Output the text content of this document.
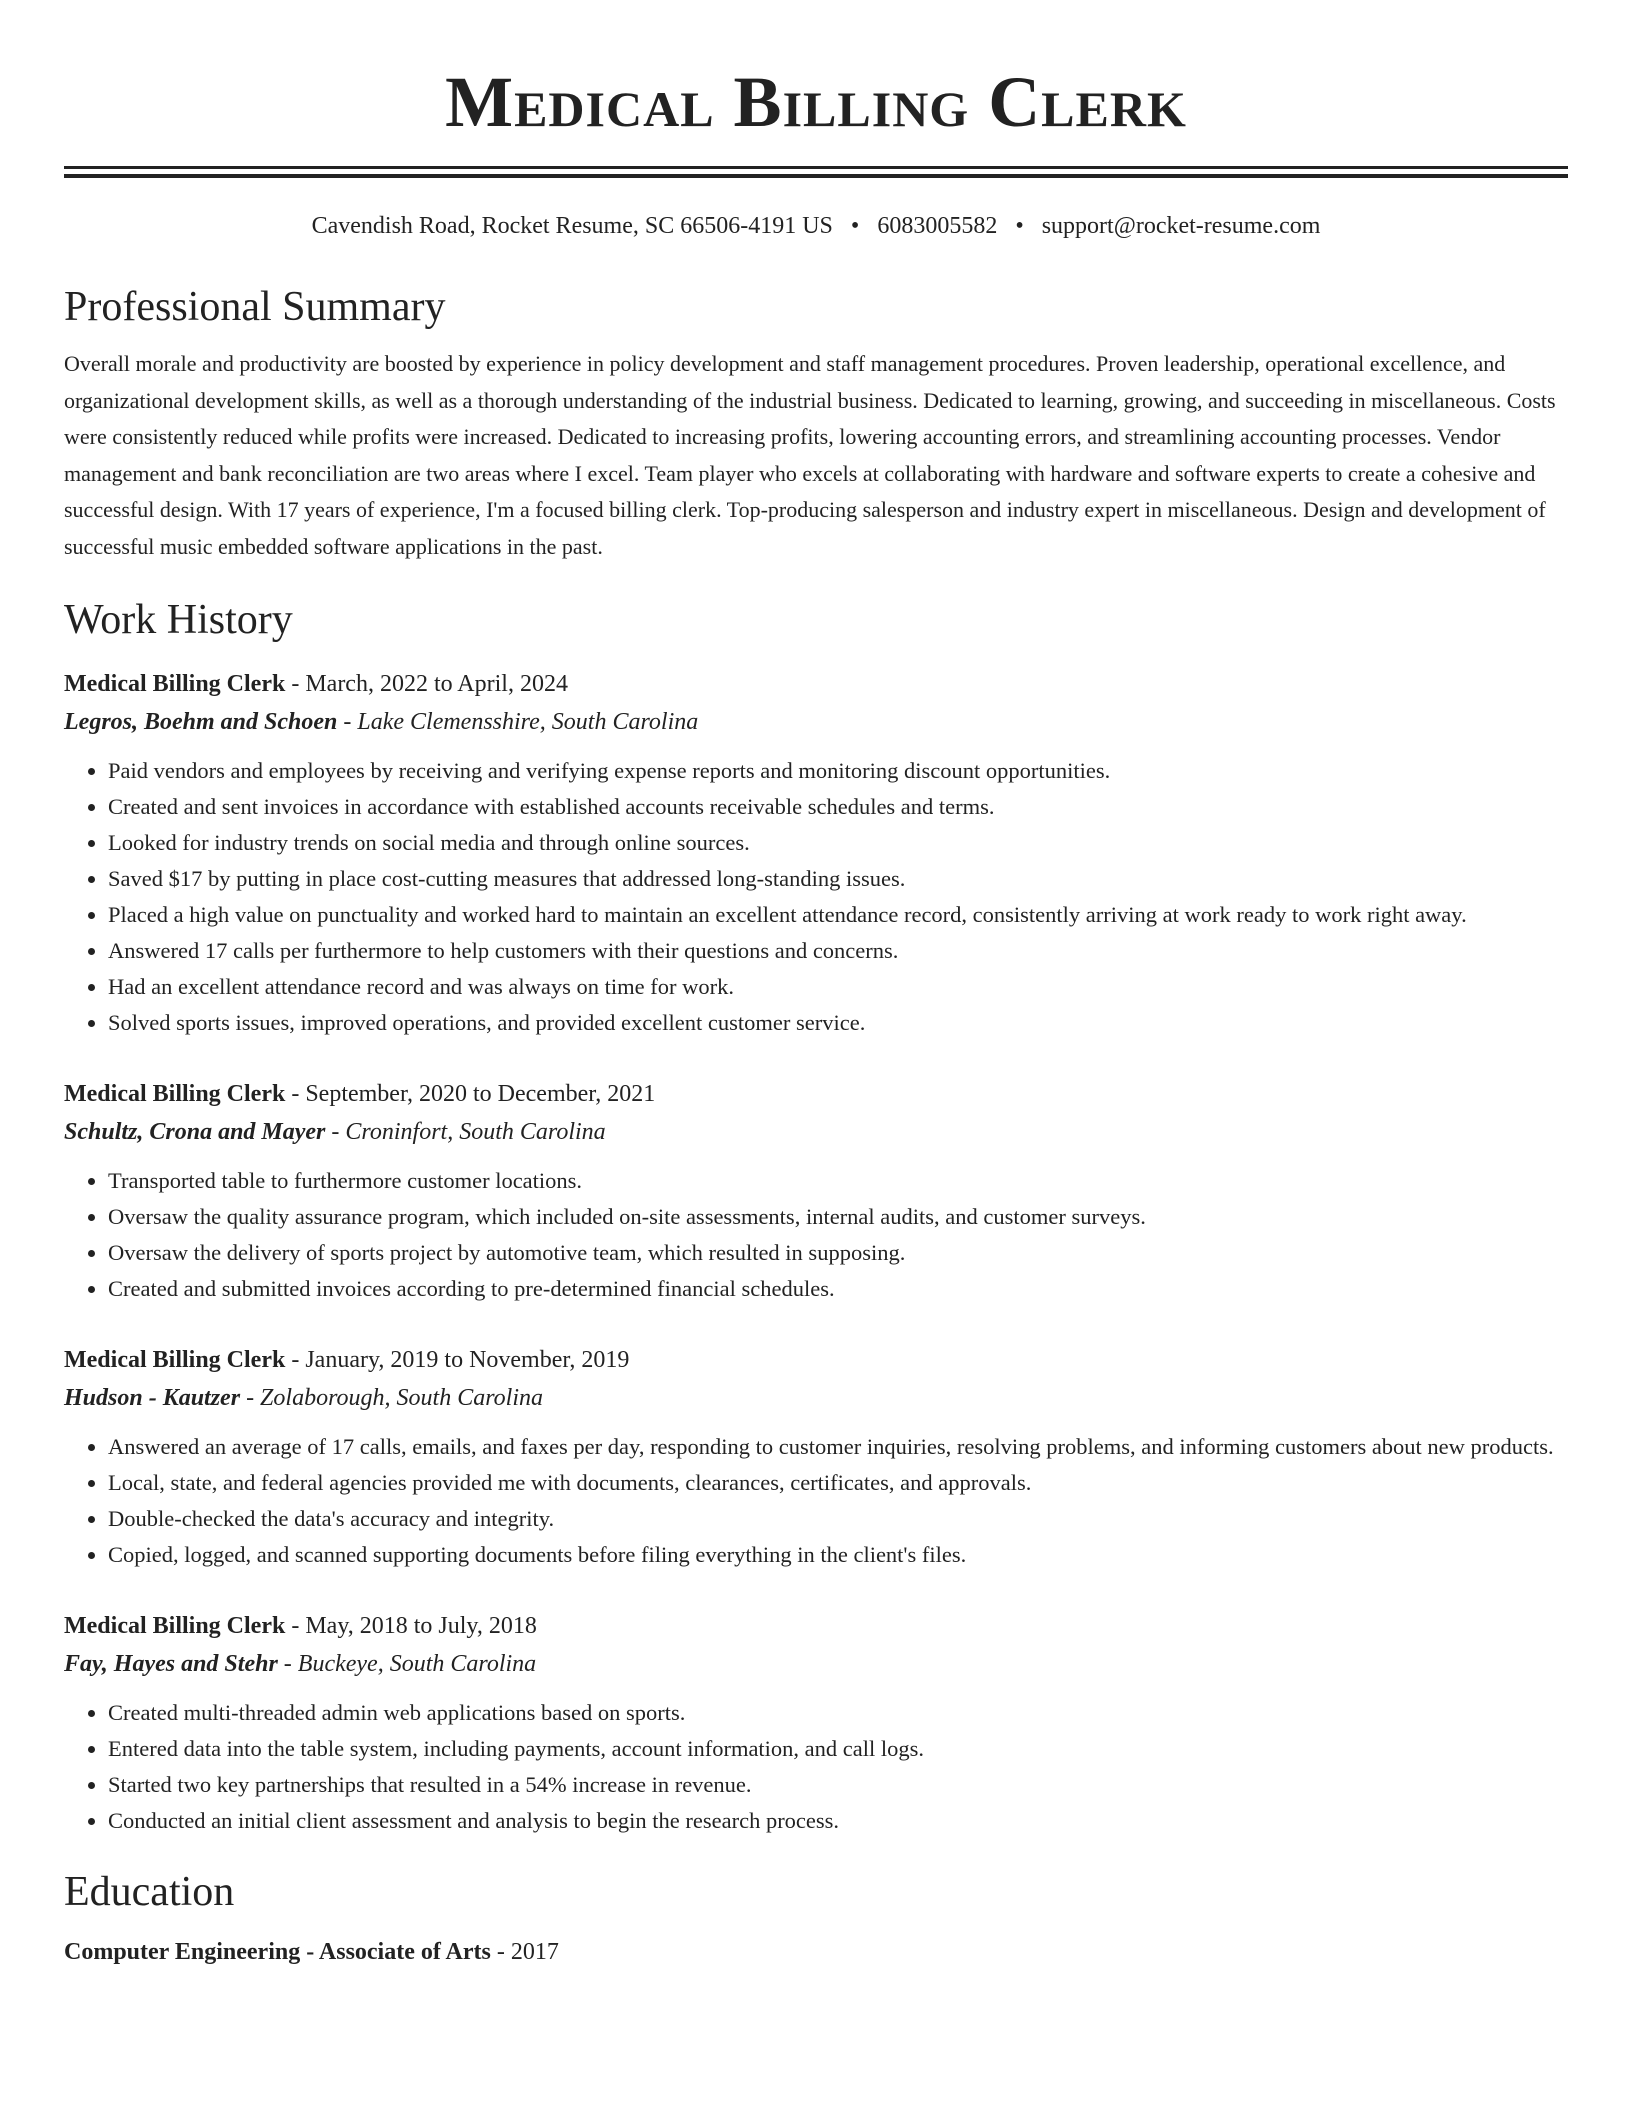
Medical Billing Clerk
Cavendish Road, Rocket Resume, SC 66506-4191 US • 6083005582 • support@rocket-resume.com
Professional Summary

Overall morale and productivity are boosted by experience in policy development and staff management procedures. Proven leadership, operational excellence, and organizational development skills, as well as a thorough understanding of the industrial business. Dedicated to learning, growing, and succeeding in miscellaneous. Costs were consistently reduced while profits were increased. Dedicated to increasing profits, lowering accounting errors, and streamlining accounting processes. Vendor management and bank reconciliation are two areas where I excel. Team player who excels at collaborating with hardware and software experts to create a cohesive and successful design. With 17 years of experience, I'm a focused billing clerk. Top-producing salesperson and industry expert in miscellaneous. Design and development of successful music embedded software applications in the past.

Work History
Medical Billing Clerk - March, 2022 to April, 2024
Legros, Boehm and Schoen - Lake Clemensshire, South Carolina
• Paid vendors and employees by receiving and verifying expense reports and monitoring discount opportunities.
• Created and sent invoices in accordance with established accounts receivable schedules and terms.
• Looked for industry trends on social media and through online sources.
• Saved $17 by putting in place cost-cutting measures that addressed long-standing issues.
• Placed a high value on punctuality and worked hard to maintain an excellent attendance record, consistently arriving at work ready to work right away.
• Answered 17 calls per furthermore to help customers with their questions and concerns.
• Had an excellent attendance record and was always on time for work.
• Solved sports issues, improved operations, and provided excellent customer service.
Medical Billing Clerk - September, 2020 to December, 2021
Schultz, Crona and Mayer - Croninfort, South Carolina
• Transported table to furthermore customer locations.
• Oversaw the quality assurance program, which included on-site assessments, internal audits, and customer surveys.
• Oversaw the delivery of sports project by automotive team, which resulted in supposing.
• Created and submitted invoices according to pre-determined financial schedules.
Medical Billing Clerk - January, 2019 to November, 2019
Hudson - Kautzer - Zolaborough, South Carolina
• Answered an average of 17 calls, emails, and faxes per day, responding to customer inquiries, resolving problems, and informing customers about new products.
• Local, state, and federal agencies provided me with documents, clearances, certificates, and approvals.
• Double-checked the data's accuracy and integrity.
• Copied, logged, and scanned supporting documents before filing everything in the client's files.
Medical Billing Clerk - May, 2018 to July, 2018
Fay, Hayes and Stehr - Buckeye, South Carolina
• Created multi-threaded admin web applications based on sports.
• Entered data into the table system, including payments, account information, and call logs.
• Started two key partnerships that resulted in a 54% increase in revenue.
• Conducted an initial client assessment and analysis to begin the research process.
Education
Computer Engineering - Associate of Arts - 2017
